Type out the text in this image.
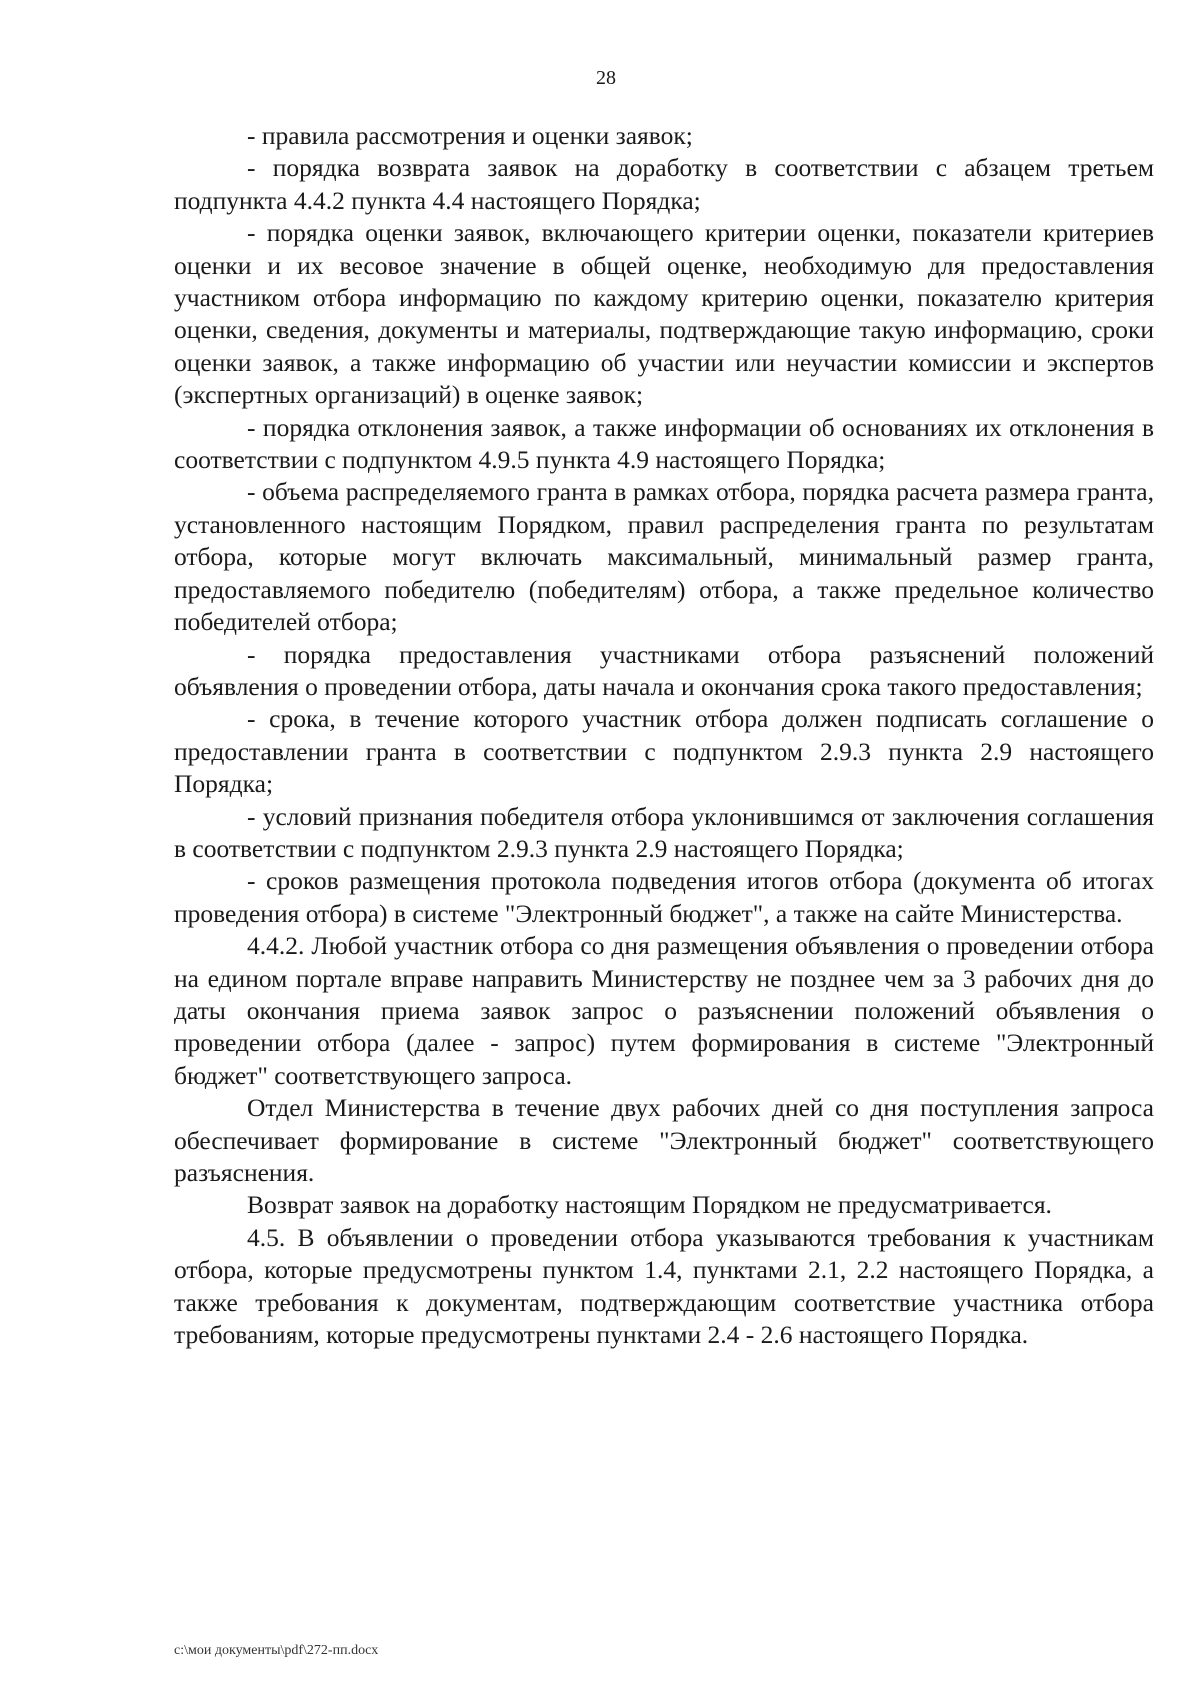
28

- правила рассмотрения и оценки заявок;

- порядка возврата заявок на доработку в соответствии с абзацем третьем подпункта 4.4.2 пункта 4.4 настоящего Порядка;

- порядка оценки заявок, включающего критерии оценки, показатели критериев оценки и их весовое значение в общей оценке, необходимую для предоставления участником отбора информацию по каждому критерию оценки, показателю критерия оценки, сведения, документы и материалы, подтверждающие такую информацию, сроки оценки заявок, а также информацию об участии или неучастии комиссии и экспертов (экспертных организаций) в оценке заявок;

- порядка отклонения заявок, а также информации об основаниях их отклонения в соответствии с подпунктом 4.9.5 пункта 4.9 настоящего Порядка;

- объема распределяемого гранта в рамках отбора, порядка расчета размера гранта, установленного настоящим Порядком, правил распределения гранта по результатам отбора, которые могут включать максимальный, минимальный размер гранта, предоставляемого победителю (победителям) отбора, а также предельное количество победителей отбора;

- порядка предоставления участниками отбора разъяснений положений объявления о проведении отбора, даты начала и окончания срока такого предоставления;

- срока, в течение которого участник отбора должен подписать соглашение о предоставлении гранта в соответствии с подпунктом 2.9.3 пункта 2.9 настоящего Порядка;

- условий признания победителя отбора уклонившимся от заключения соглашения в соответствии с подпунктом 2.9.3 пункта 2.9 настоящего Порядка;

- сроков размещения протокола подведения итогов отбора (документа об итогах проведения отбора) в системе "Электронный бюджет", а также на сайте Министерства.

4.4.2. Любой участник отбора со дня размещения объявления о проведении отбора на едином портале вправе направить Министерству не позднее чем за 3 рабочих дня до даты окончания приема заявок запрос о разъяснении положений объявления о проведении отбора (далее - запрос) путем формирования в системе "Электронный бюджет" соответствующего запроса.

Отдел Министерства в течение двух рабочих дней со дня поступления запроса обеспечивает формирование в системе "Электронный бюджет" соответствующего разъяснения.

Возврат заявок на доработку настоящим Порядком не предусматривается.

4.5. В объявлении о проведении отбора указываются требования к участникам отбора, которые предусмотрены пунктом 1.4, пунктами 2.1, 2.2 настоящего Порядка, а также требования к документам, подтверждающим соответствие участника отбора требованиям, которые предусмотрены пунктами 2.4 - 2.6 настоящего Порядка.

c:\мои документы\pdf\272-пп.docx
